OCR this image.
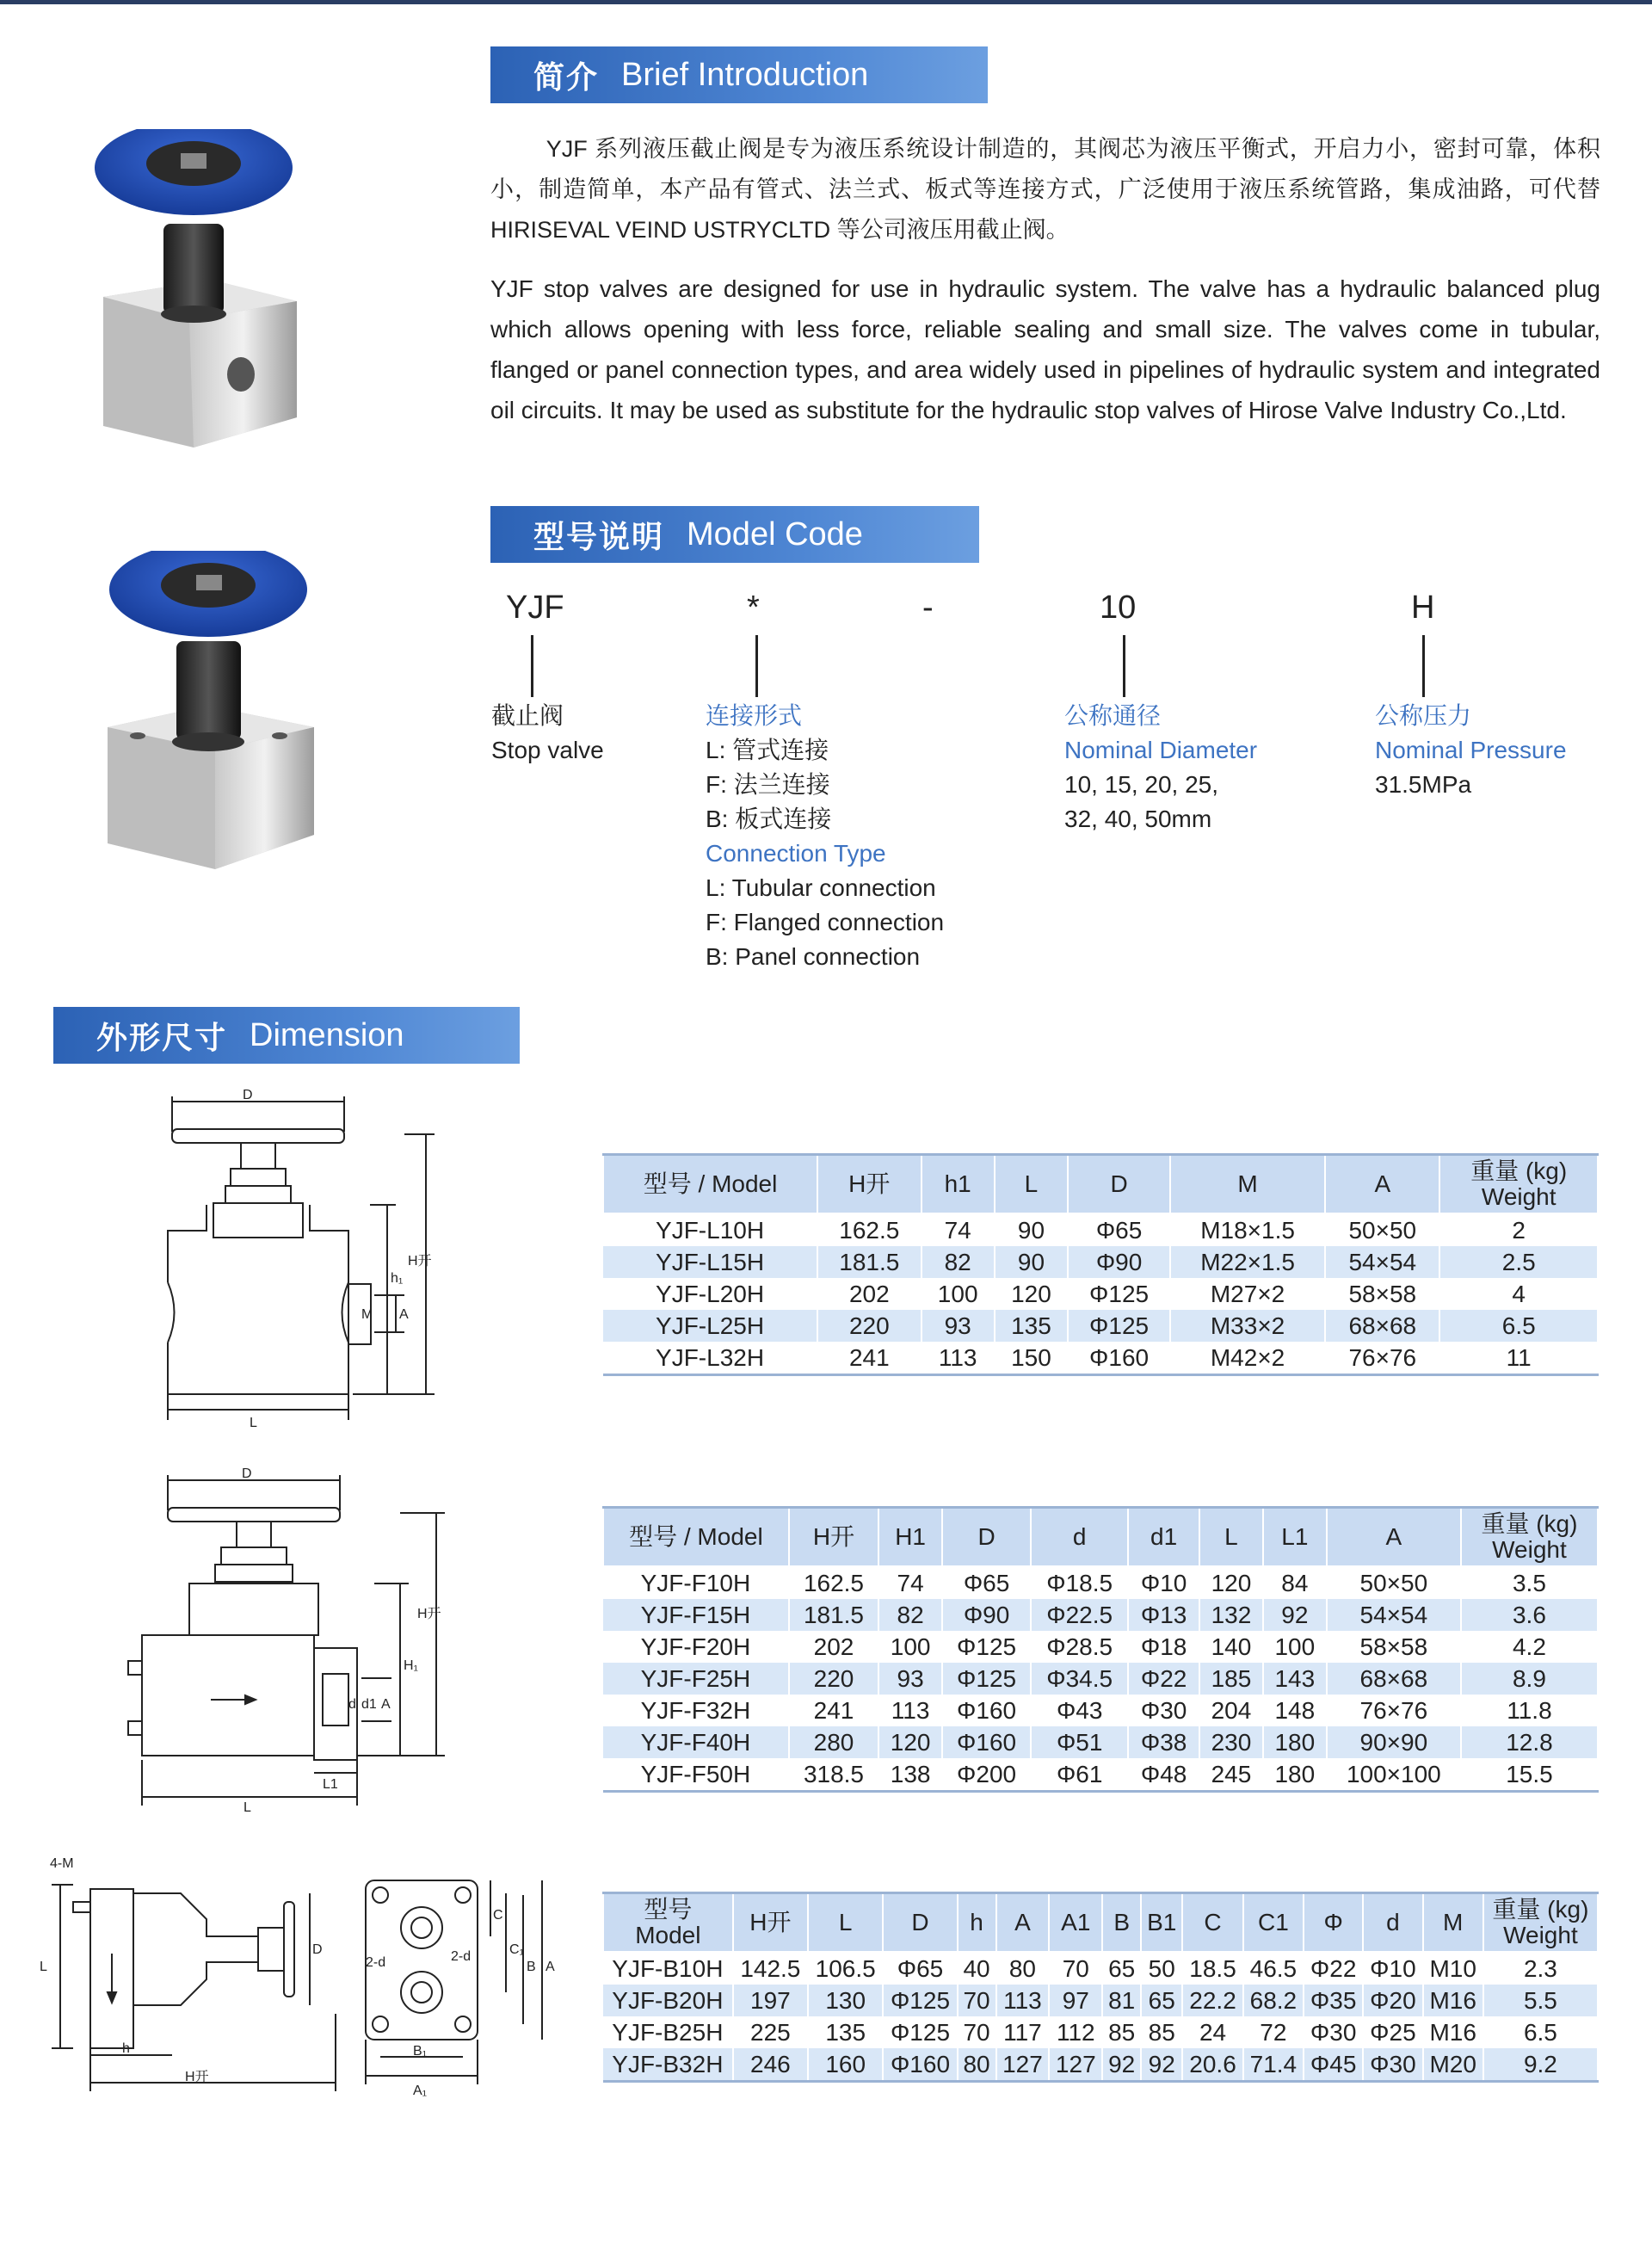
简介 Brief Introduction

YJF 系列液压截止阀是专为液压系统设计制造的，其阀芯为液压平衡式，开启力小，密封可靠，体积小，制造简单，本产品有管式、法兰式、板式等连接方式，广泛使用于液压系统管路，集成油路，可代替 HIRISEVAL VEIND USTRYCLTD 等公司液压用截止阀。

YJF stop valves are designed for use in hydraulic system. The valve has a hydraulic balanced plug which allows opening with less force, reliable sealing and small size. The valves come in tubular, flanged or panel connection types, and area widely used in pipelines of hydraulic system and integrated oil circuits. It may be used as substitute for the hydraulic stop valves of Hirose Valve Industry Co.,Ltd.

型号说明 Model Code
YJF	*	-	10	H
截止阀
Stop valve
连接形式
L: 管式连接
F: 法兰连接
B: 板式连接
Connection Type
L: Tubular connection
F: Flanged connection
B: Panel connection
公称通径
Nominal Diameter
10, 15, 20, 25,
32, 40, 50mm
公称压力
Nominal Pressure
31.5MPa
外形尺寸 Dimension
D
A
M
h₁
H开
L
D
A
d1
d
H₁
H开
L1
L
4-M
L
D
h
H开
2-d	2-d
C
C₁
B A
B₁
A₁
型号 / Model	H开	h1	L	D	M	A	重量 (kg)
Weight
YJF-L10H	162.5	74	90	Φ65	M18×1.5	50×50	2
YJF-L15H	181.5	82	90	Φ90	M22×1.5	54×54	2.5
YJF-L20H	202	100	120	Φ125	M27×2	58×58	4
YJF-L25H	220	93	135	Φ125	M33×2	68×68	6.5
YJF-L32H	241	113	150	Φ160	M42×2	76×76	11
型号 / Model	H开	H1	D	d	d1	L	L1	A	重量 (kg)
Weight
YJF-F10H	162.5	74	Φ65	Φ18.5	Φ10	120	84	50×50	3.5
YJF-F15H	181.5	82	Φ90	Φ22.5	Φ13	132	92	54×54	3.6
YJF-F20H	202	100	Φ125	Φ28.5	Φ18	140	100	58×58	4.2
YJF-F25H	220	93	Φ125	Φ34.5	Φ22	185	143	68×68	8.9
YJF-F32H	241	113	Φ160	Φ43	Φ30	204	148	76×76	11.8
YJF-F40H	280	120	Φ160	Φ51	Φ38	230	180	90×90	12.8
YJF-F50H	318.5	138	Φ200	Φ61	Φ48	245	180	100×100	15.5
型号
Model	H开	L	D	h	A	A1	B	B1	C	C1	Φ	d	M	重量 (kg)
Weight
YJF-B10H	142.5	106.5	Φ65	40	80	70	65	50	18.5	46.5	Φ22	Φ10	M10	2.3
YJF-B20H	197	130	Φ125	70	113	97	81	65	22.2	68.2	Φ35	Φ20	M16	5.5
YJF-B25H	225	135	Φ125	70	117	112	85	85	24	72	Φ30	Φ25	M16	6.5
YJF-B32H	246	160	Φ160	80	127	127	92	92	20.6	71.4	Φ45	Φ30	M20	9.2
